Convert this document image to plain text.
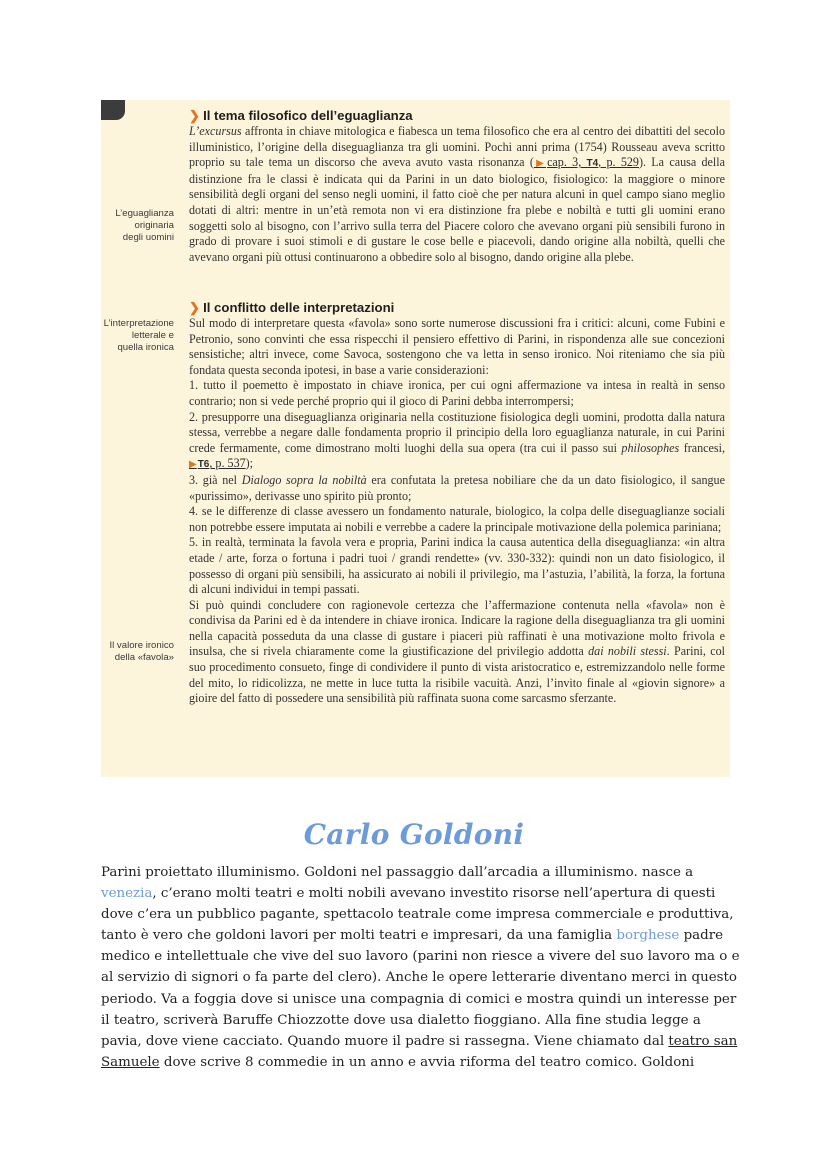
L’eguaglianza
originaria
degli uomini
L’interpretazione
letterale e
quella ironica
Il valore ironico
della «favola»
❯ Il tema filosofico dell’eguaglianza

L’excursus affronta in chiave mitologica e fiabesca un tema filosofico che era al centro dei dibattiti del secolo illuministico, l’origine della diseguaglianza tra gli uomini. Pochi anni prima (1754) Rousseau aveva scritto proprio su tale tema un discorso che aveva avuto vasta risonanza (▶cap. 3, T4, p. 529). La causa della distinzione fra le classi è indicata qui da Parini in un dato biologico, fisiologico: la maggiore o minore sensibilità degli organi del senso negli uomini, il fatto cioè che per natura alcuni in quel campo siano meglio dotati di altri: mentre in un’età remota non vi era distinzione fra plebe e nobiltà e tutti gli uomini erano soggetti solo al bisogno, con l’arrivo sulla terra del Piacere coloro che avevano organi più sensibili furono in grado di provare i suoi stimoli e di gustare le cose belle e piacevoli, dando origine alla nobiltà, quelli che avevano organi più ottusi continuarono a obbedire solo al bisogno, dando origine alla plebe.

❯ Il conflitto delle interpretazioni

Sul modo di interpretare questa «favola» sono sorte numerose discussioni fra i critici: alcuni, come Fubini e Petronio, sono convinti che essa rispecchi il pensiero effettivo di Parini, in rispondenza alle sue concezioni sensistiche; altri invece, come Savoca, sostengono che va letta in senso ironico. Noi riteniamo che sia più fondata questa seconda ipotesi, in base a varie considerazioni:

1. tutto il poemetto è impostato in chiave ironica, per cui ogni affermazione va intesa in realtà in senso contrario; non si vede perché proprio qui il gioco di Parini debba interrompersi;

2. presupporre una diseguaglianza originaria nella costituzione fisiologica degli uomini, prodotta dalla natura stessa, verrebbe a negare dalle fondamenta proprio il principio della loro eguaglianza naturale, in cui Parini crede fermamente, come dimostrano molti luoghi della sua opera (tra cui il passo sui philosophes francesi, ▶T6, p. 537);

3. già nel Dialogo sopra la nobiltà era confutata la pretesa nobiliare che da un dato fisiologico, il sangue «purissimo», derivasse uno spirito più pronto;

4. se le differenze di classe avessero un fondamento naturale, biologico, la colpa delle diseguaglianze sociali non potrebbe essere imputata ai nobili e verrebbe a cadere la principale motivazione della polemica pariniana;

5. in realtà, terminata la favola vera e propria, Parini indica la causa autentica della diseguaglianza: «in altra etade / arte, forza o fortuna i padri tuoi / grandi rendette» (vv. 330-332): quindi non un dato fisiologico, il possesso di organi più sensibili, ha assicurato ai nobili il privilegio, ma l’astuzia, l’abilità, la forza, la fortuna di alcuni individui in tempi passati.

Si può quindi concludere con ragionevole certezza che l’affermazione contenuta nella «favola» non è condivisa da Parini ed è da intendere in chiave ironica. Indicare la ragione della diseguaglianza tra gli uomini nella capacità posseduta da una classe di gustare i piaceri più raffinati è una motivazione molto frivola e insulsa, che si rivela chiaramente come la giustificazione del privilegio addotta dai nobili stessi. Parini, col suo procedimento consueto, finge di condividere il punto di vista aristocratico e, estremizzandolo nelle forme del mito, lo ridicolizza, ne mette in luce tutta la risibile vacuità. Anzi, l’invito finale al «giovin signore» a gioire del fatto di possedere una sensibilità più raffinata suona come sarcasmo sferzante.

Carlo Goldoni
Parini proiettato illuminismo. Goldoni nel passaggio dall’arcadia a illuminismo. nasce a
venezia, c’erano molti teatri e molti nobili avevano investito risorse nell’apertura di questi
dove c’era un pubblico pagante, spettacolo teatrale come impresa commerciale e produttiva,
tanto è vero che goldoni lavori per molti teatri e impresari, da una famiglia borghese padre
medico e intellettuale che vive del suo lavoro (parini non riesce a vivere del suo lavoro ma o e
al servizio di signori o fa parte del clero). Anche le opere letterarie diventano merci in questo
periodo. Va a foggia dove si unisce una compagnia di comici e mostra quindi un interesse per
il teatro, scriverà Baruffe Chiozzotte dove usa dialetto fioggiano. Alla fine studia legge a
pavia, dove viene cacciato. Quando muore il padre si rassegna. Viene chiamato dal teatro san
Samuele dove scrive 8 commedie in un anno e avvia riforma del teatro comico. Goldoni
